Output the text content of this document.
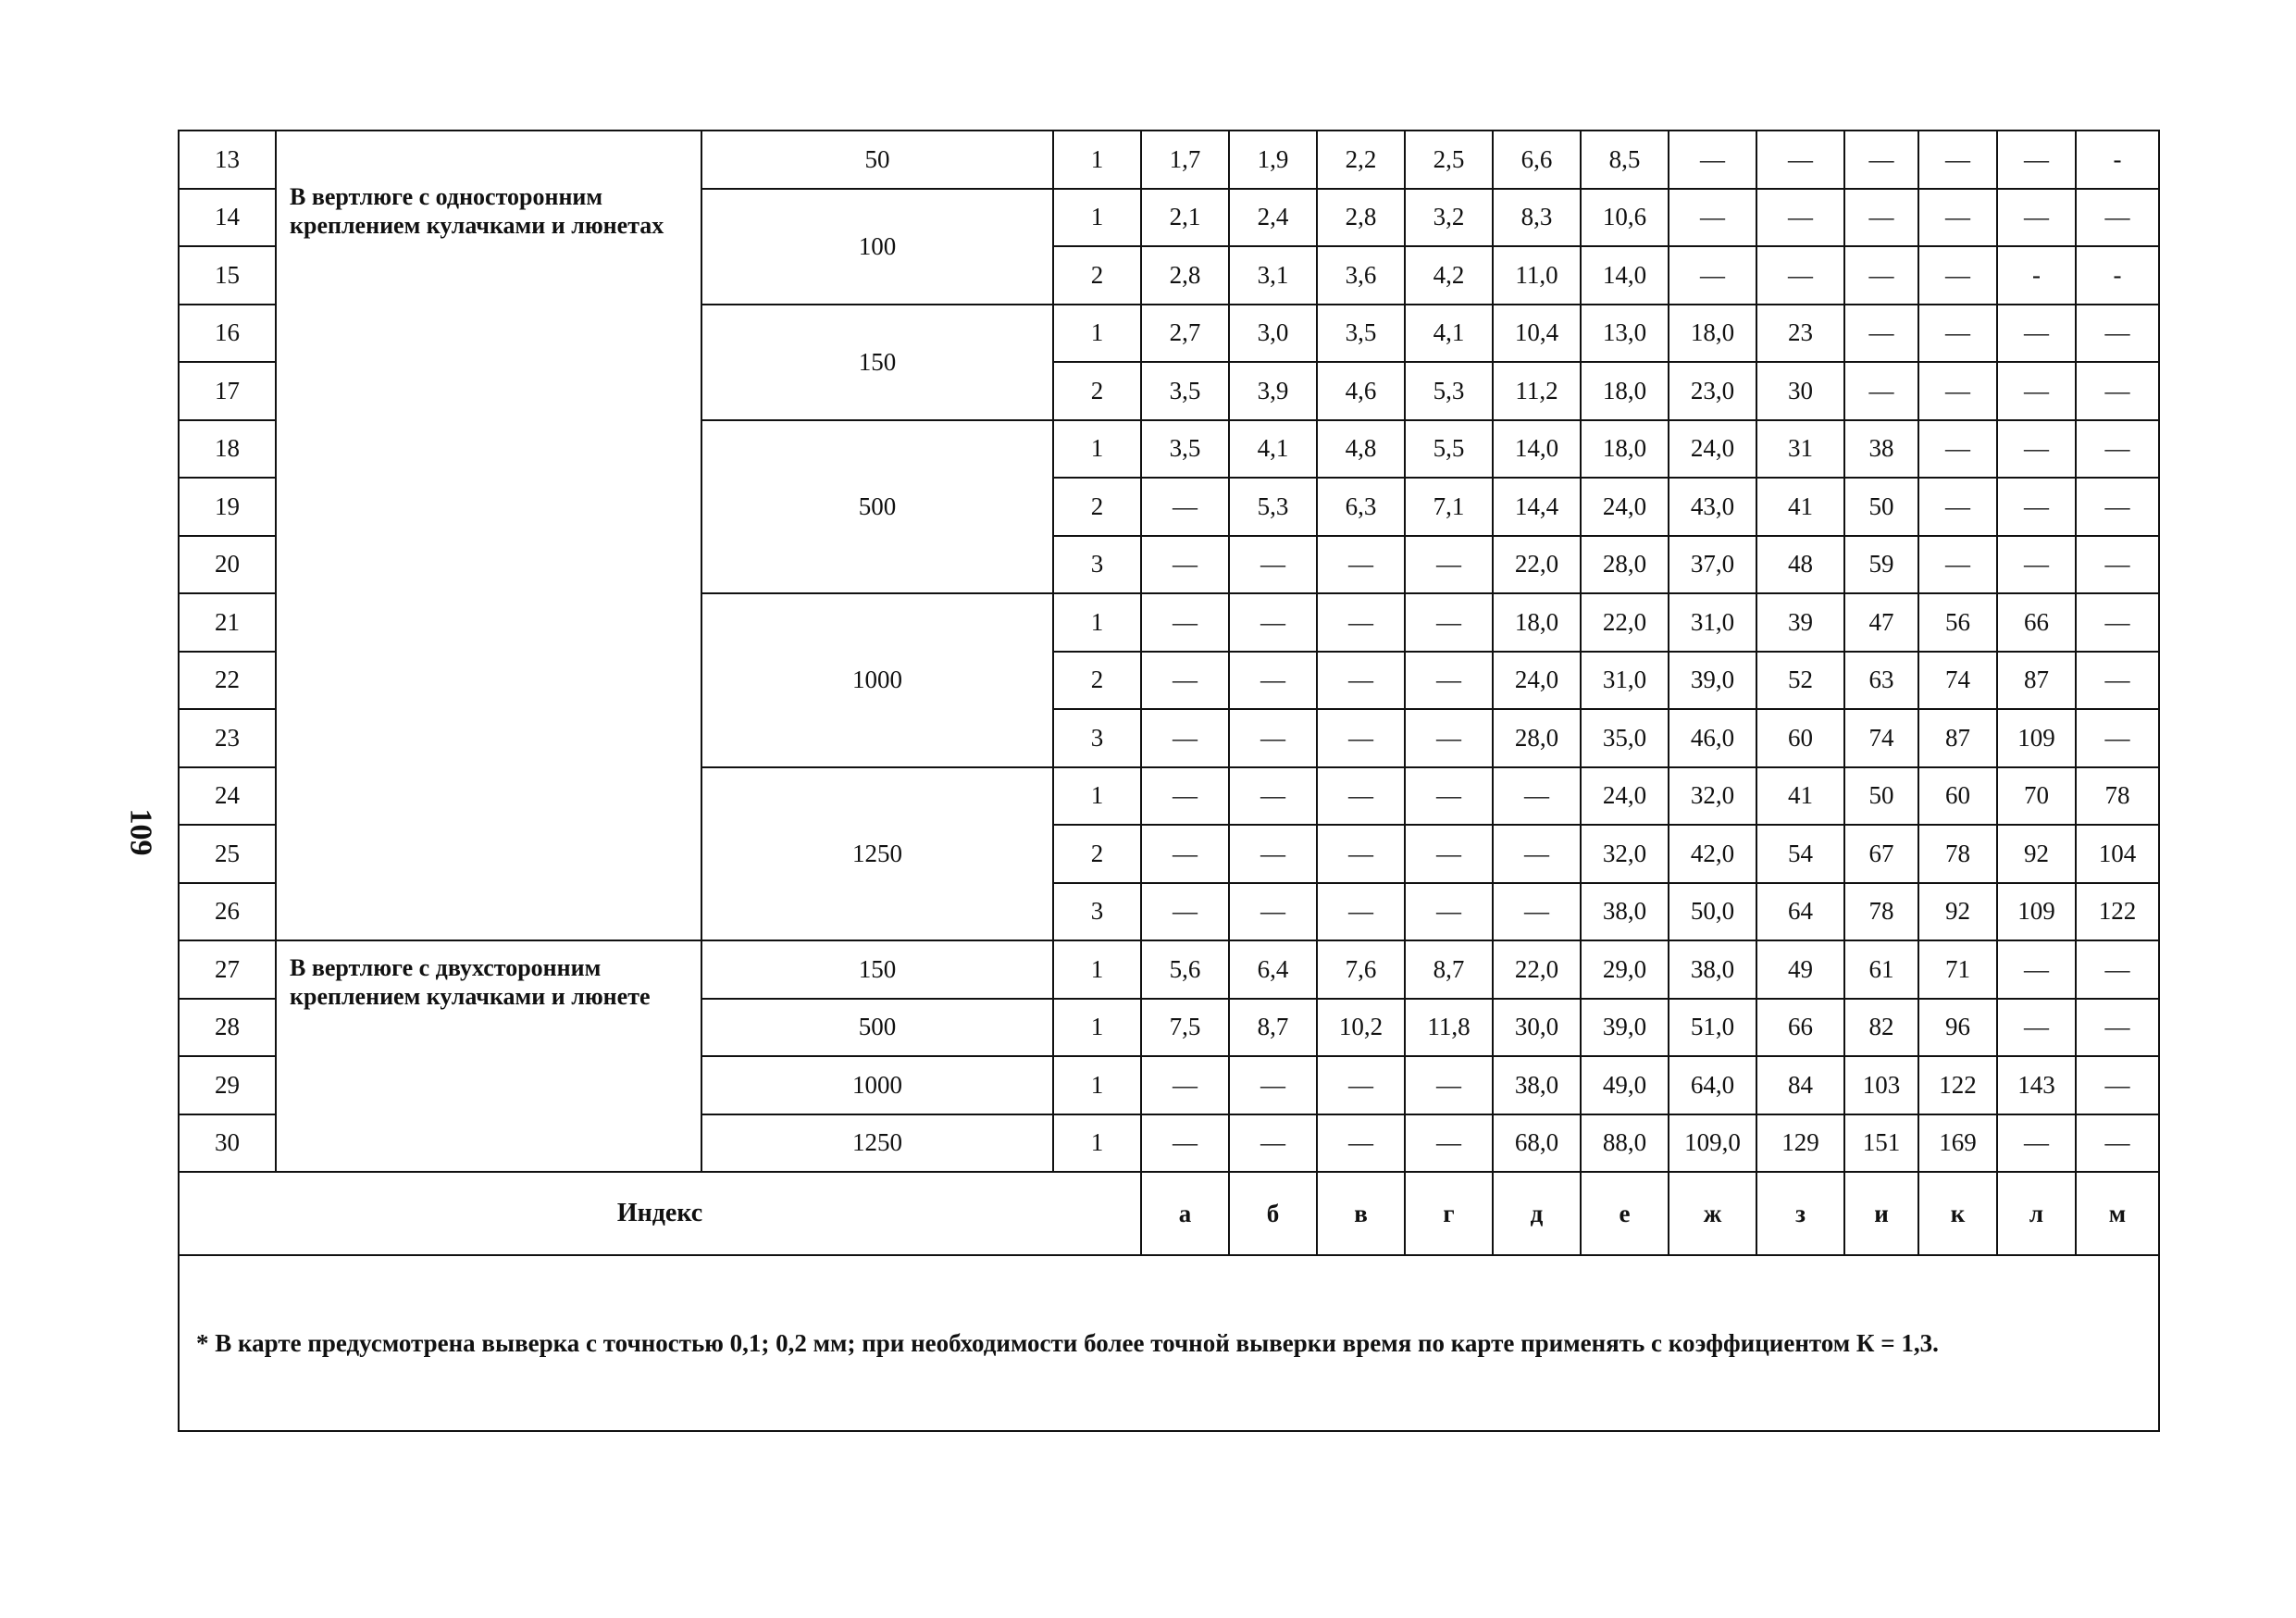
109
13	В вертлюге с односторонним креплением кулачками и люнетах	50	1	1,7	1,9	2,2	2,5	6,6	8,5	—	—	—	—	—	-
14		100	1	2,1	2,4	2,8	3,2	8,3	10,6	—	—	—	—	—	—
15			2	2,8	3,1	3,6	4,2	11,0	14,0	—	—	—	—	-	-
16		150	1	2,7	3,0	3,5	4,1	10,4	13,0	18,0	23	—	—	—	—
17			2	3,5	3,9	4,6	5,3	11,2	18,0	23,0	30	—	—	—	—
18		500	1	3,5	4,1	4,8	5,5	14,0	18,0	24,0	31	38	—	—	—
19			2	—	5,3	6,3	7,1	14,4	24,0	43,0	41	50	—	—	—
20			3	—	—	—	—	22,0	28,0	37,0	48	59	—	—	—
21		1000	1	—	—	—	—	18,0	22,0	31,0	39	47	56	66	—
22			2	—	—	—	—	24,0	31,0	39,0	52	63	74	87	—
23			3	—	—	—	—	28,0	35,0	46,0	60	74	87	109	—
24		1250	1	—	—	—	—	—	24,0	32,0	41	50	60	70	78
25			2	—	—	—	—	—	32,0	42,0	54	67	78	92	104
26			3	—	—	—	—	—	38,0	50,0	64	78	92	109	122
27	В вертлюге с двухсторонним креплением кулачками и люнете	150	1	5,6	6,4	7,6	8,7	22,0	29,0	38,0	49	61	71	—	—
28		500	1	7,5	8,7	10,2	11,8	30,0	39,0	51,0	66	82	96	—	—
29		1000	1	—	—	—	—	38,0	49,0	64,0	84	103	122	143	—
30		1250	1	—	—	—	—	68,0	88,0	109,0	129	151	169	—	—
Индекс				а	б	в	г	д	е	ж	з	и	к	л	м
* В карте предусмотрена выверка с точностью 0,1; 0,2 мм; при необходимости более точной выверки время по карте применять с коэффициентом К = 1,3.															
